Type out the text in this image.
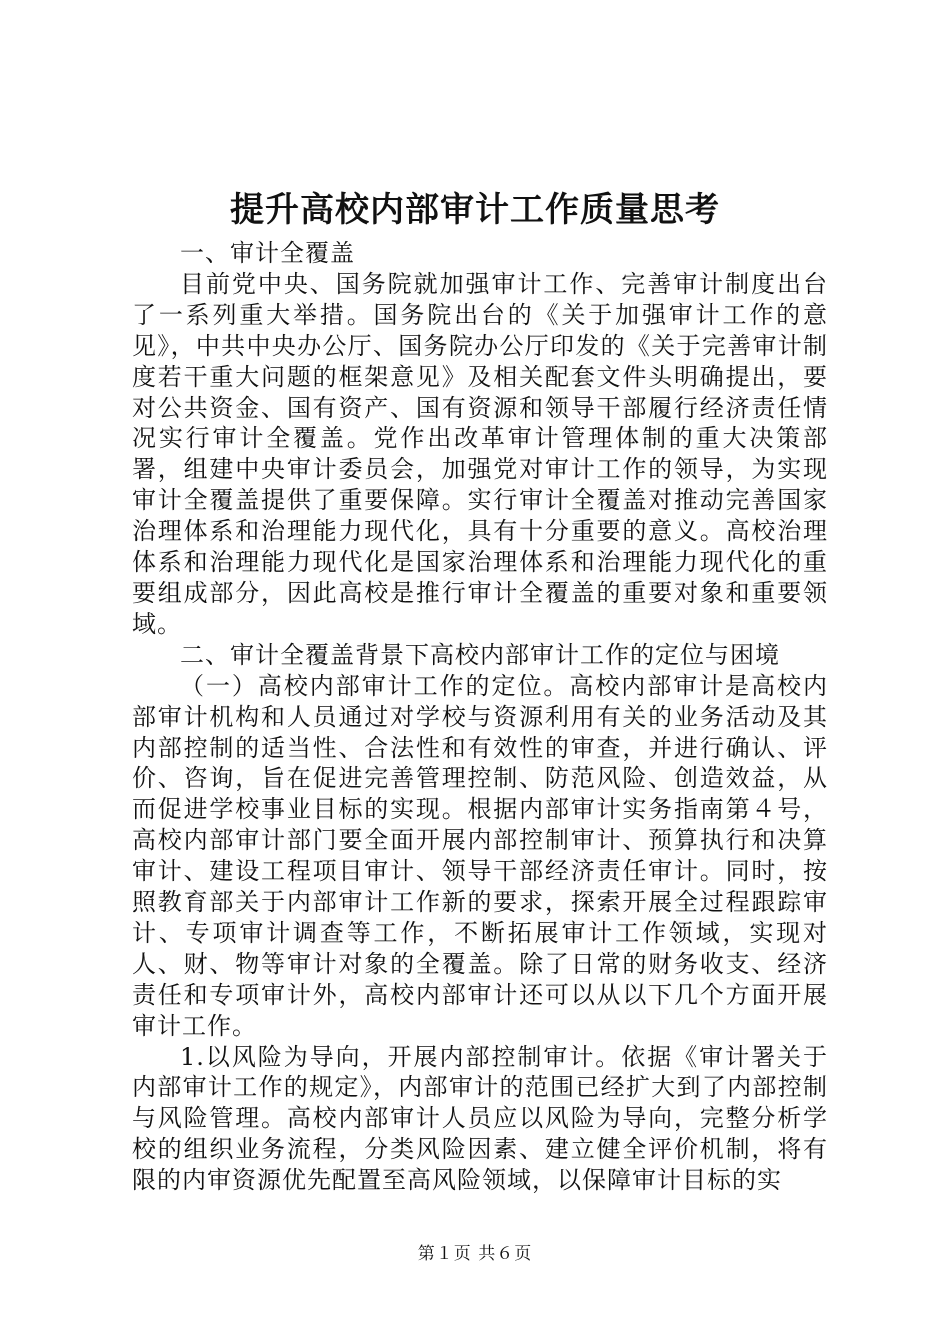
提升高校内部审计工作质量思考

一、审计全覆盖

目前党中央、国务院就加强审计工作、完善审计制度出台了一系列重大举措。国务院出台的《关于加强审计工作的意见》，中共中央办公厅、国务院办公厅印发的《关于完善审计制度若干重大问题的框架意见》及相关配套文件头明确提出，要对公共资金、国有资产、国有资源和领导干部履行经济责任情况实行审计全覆盖。党作出改革审计管理体制的重大决策部署，组建中央审计委员会，加强党对审计工作的领导，为实现审计全覆盖提供了重要保障。实行审计全覆盖对推动完善国家治理体系和治理能力现代化，具有十分重要的意义。高校治理体系和治理能力现代化是国家治理体系和治理能力现代化的重要组成部分，因此高校是推行审计全覆盖的重要对象和重要领域。

二、审计全覆盖背景下高校内部审计工作的定位与困境

（一）高校内部审计工作的定位。高校内部审计是高校内部审计机构和人员通过对学校与资源利用有关的业务活动及其内部控制的适当性、合法性和有效性的审查，并进行确认、评价、咨询，旨在促进完善管理控制、防范风险、创造效益，从而促进学校事业目标的实现。根据内部审计实务指南第４号，高校内部审计部门要全面开展内部控制审计、预算执行和决算审计、建设工程项目审计、领导干部经济责任审计。同时，按照教育部关于内部审计工作新的要求，探索开展全过程跟踪审计、专项审计调查等工作，不断拓展审计工作领域，实现对人、财、物等审计对象的全覆盖。除了日常的财务收支、经济责任和专项审计外，高校内部审计还可以从以下几个方面开展审计工作。

1.以风险为导向，开展内部控制审计。依据《审计署关于内部审计工作的规定》，内部审计的范围已经扩大到了内部控制与风险管理。高校内部审计人员应以风险为导向，完整分析学校的组织业务流程，分类风险因素、建立健全评价机制，将有限的内审资源优先配置至高风险领域，以保障审计目标的实

第１页 共６页
